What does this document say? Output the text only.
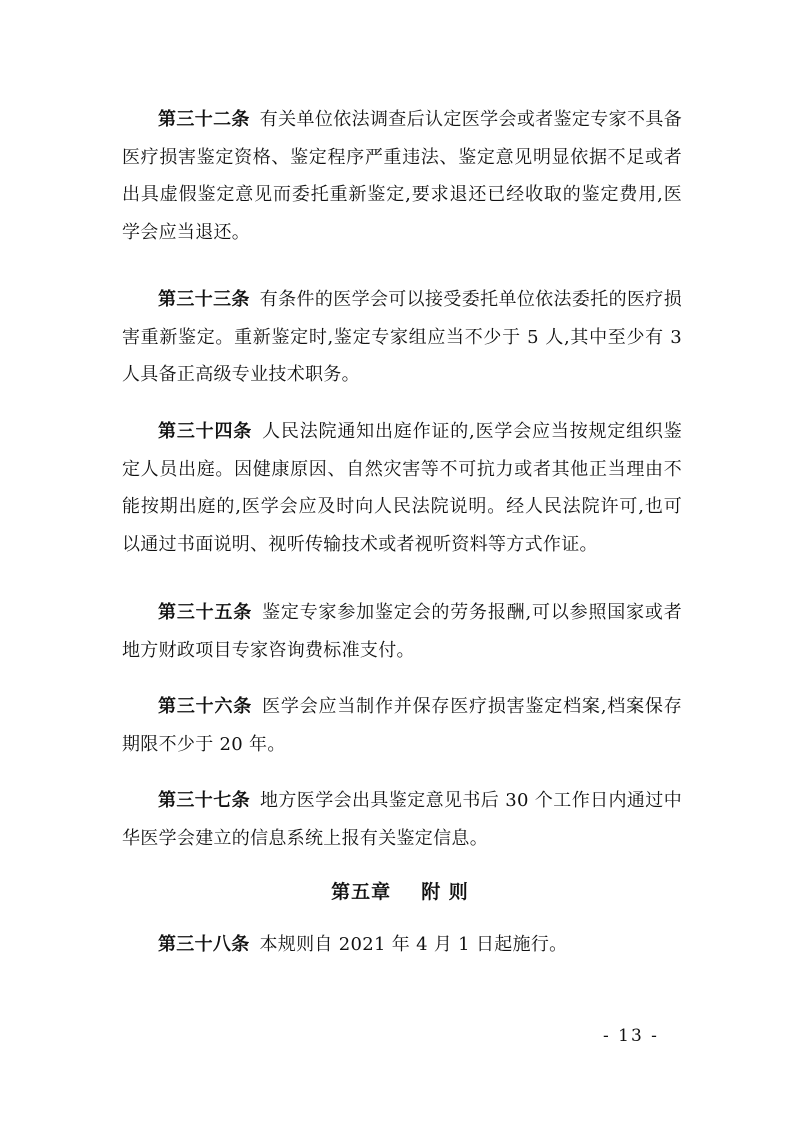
第三十二条 有关单位依法调查后认定医学会或者鉴定专家不具备医疗损害鉴定资格、鉴定程序严重违法、鉴定意见明显依据不足或者出具虚假鉴定意见而委托重新鉴定,要求退还已经收取的鉴定费用,医学会应当退还。

第三十三条 有条件的医学会可以接受委托单位依法委托的医疗损害重新鉴定。重新鉴定时,鉴定专家组应当不少于 5 人,其中至少有 3 人具备正高级专业技术职务。

第三十四条 人民法院通知出庭作证的,医学会应当按规定组织鉴定人员出庭。因健康原因、自然灾害等不可抗力或者其他正当理由不能按期出庭的,医学会应及时向人民法院说明。经人民法院许可,也可以通过书面说明、视听传输技术或者视听资料等方式作证。

第三十五条 鉴定专家参加鉴定会的劳务报酬,可以参照国家或者地方财政项目专家咨询费标准支付。

第三十六条 医学会应当制作并保存医疗损害鉴定档案,档案保存期限不少于 20 年。

第三十七条 地方医学会出具鉴定意见书后 30 个工作日内通过中华医学会建立的信息系统上报有关鉴定信息。

第五章 附 则

第三十八条 本规则自 2021 年 4 月 1 日起施行。

- 13 -
